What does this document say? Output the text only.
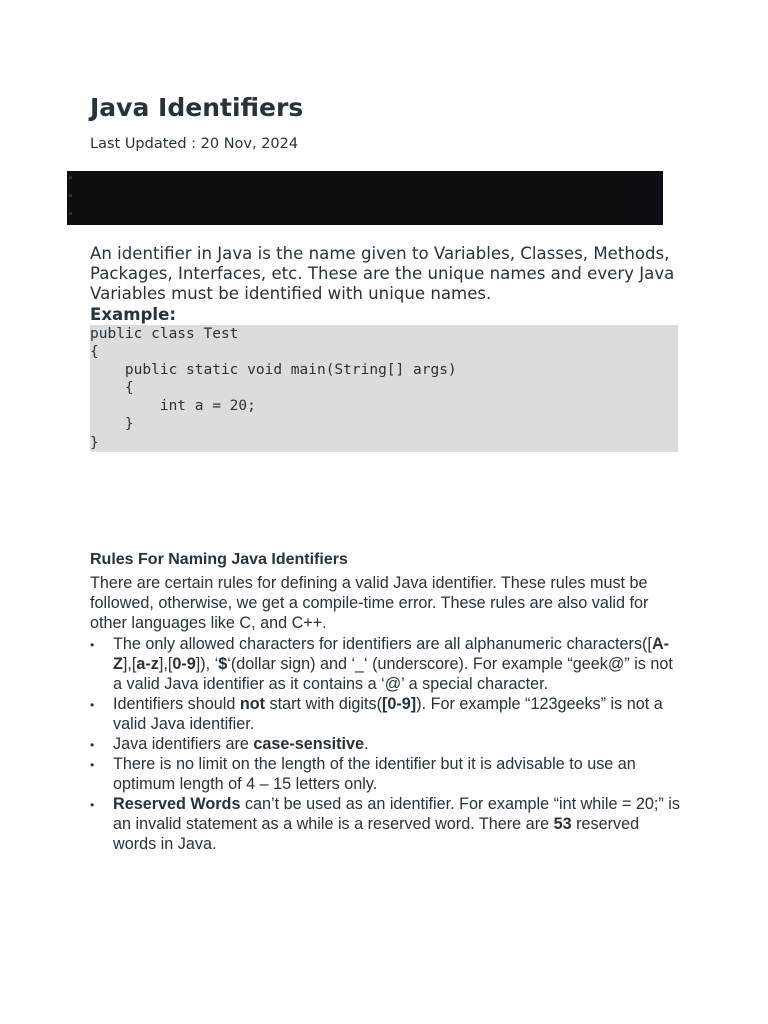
Java Identifiers
Last Updated : 20 Nov, 2024

An identifier in Java is the name given to Variables, Classes, Methods, Packages, Interfaces, etc. These are the unique names and every Java Variables must be identified with unique names.

Example:
public class Test
{
public static void main(String[] args)
{
int a = 20;
}
}
Rules For Naming Java Identifiers

There are certain rules for defining a valid Java identifier. These rules must be followed, otherwise, we get a compile-time error. These rules are also valid for other languages like C, and C++.

•	The only allowed characters for identifiers are all alphanumeric characters([A-Z],[a-z],[0-9]), ‘$‘(dollar sign) and ‘_‘ (underscore). For example “geek@” is not a valid Java identifier as it contains a ‘@’ a special character.
•	Identifiers should not start with digits([0-9]). For example “123geeks” is not a valid Java identifier.
•	Java identifiers are case-sensitive.
•	There is no limit on the length of the identifier but it is advisable to use an optimum length of 4 – 15 letters only.
•	Reserved Words can’t be used as an identifier. For example “int while = 20;” is an invalid statement as a while is a reserved word. There are 53 reserved words in Java.
